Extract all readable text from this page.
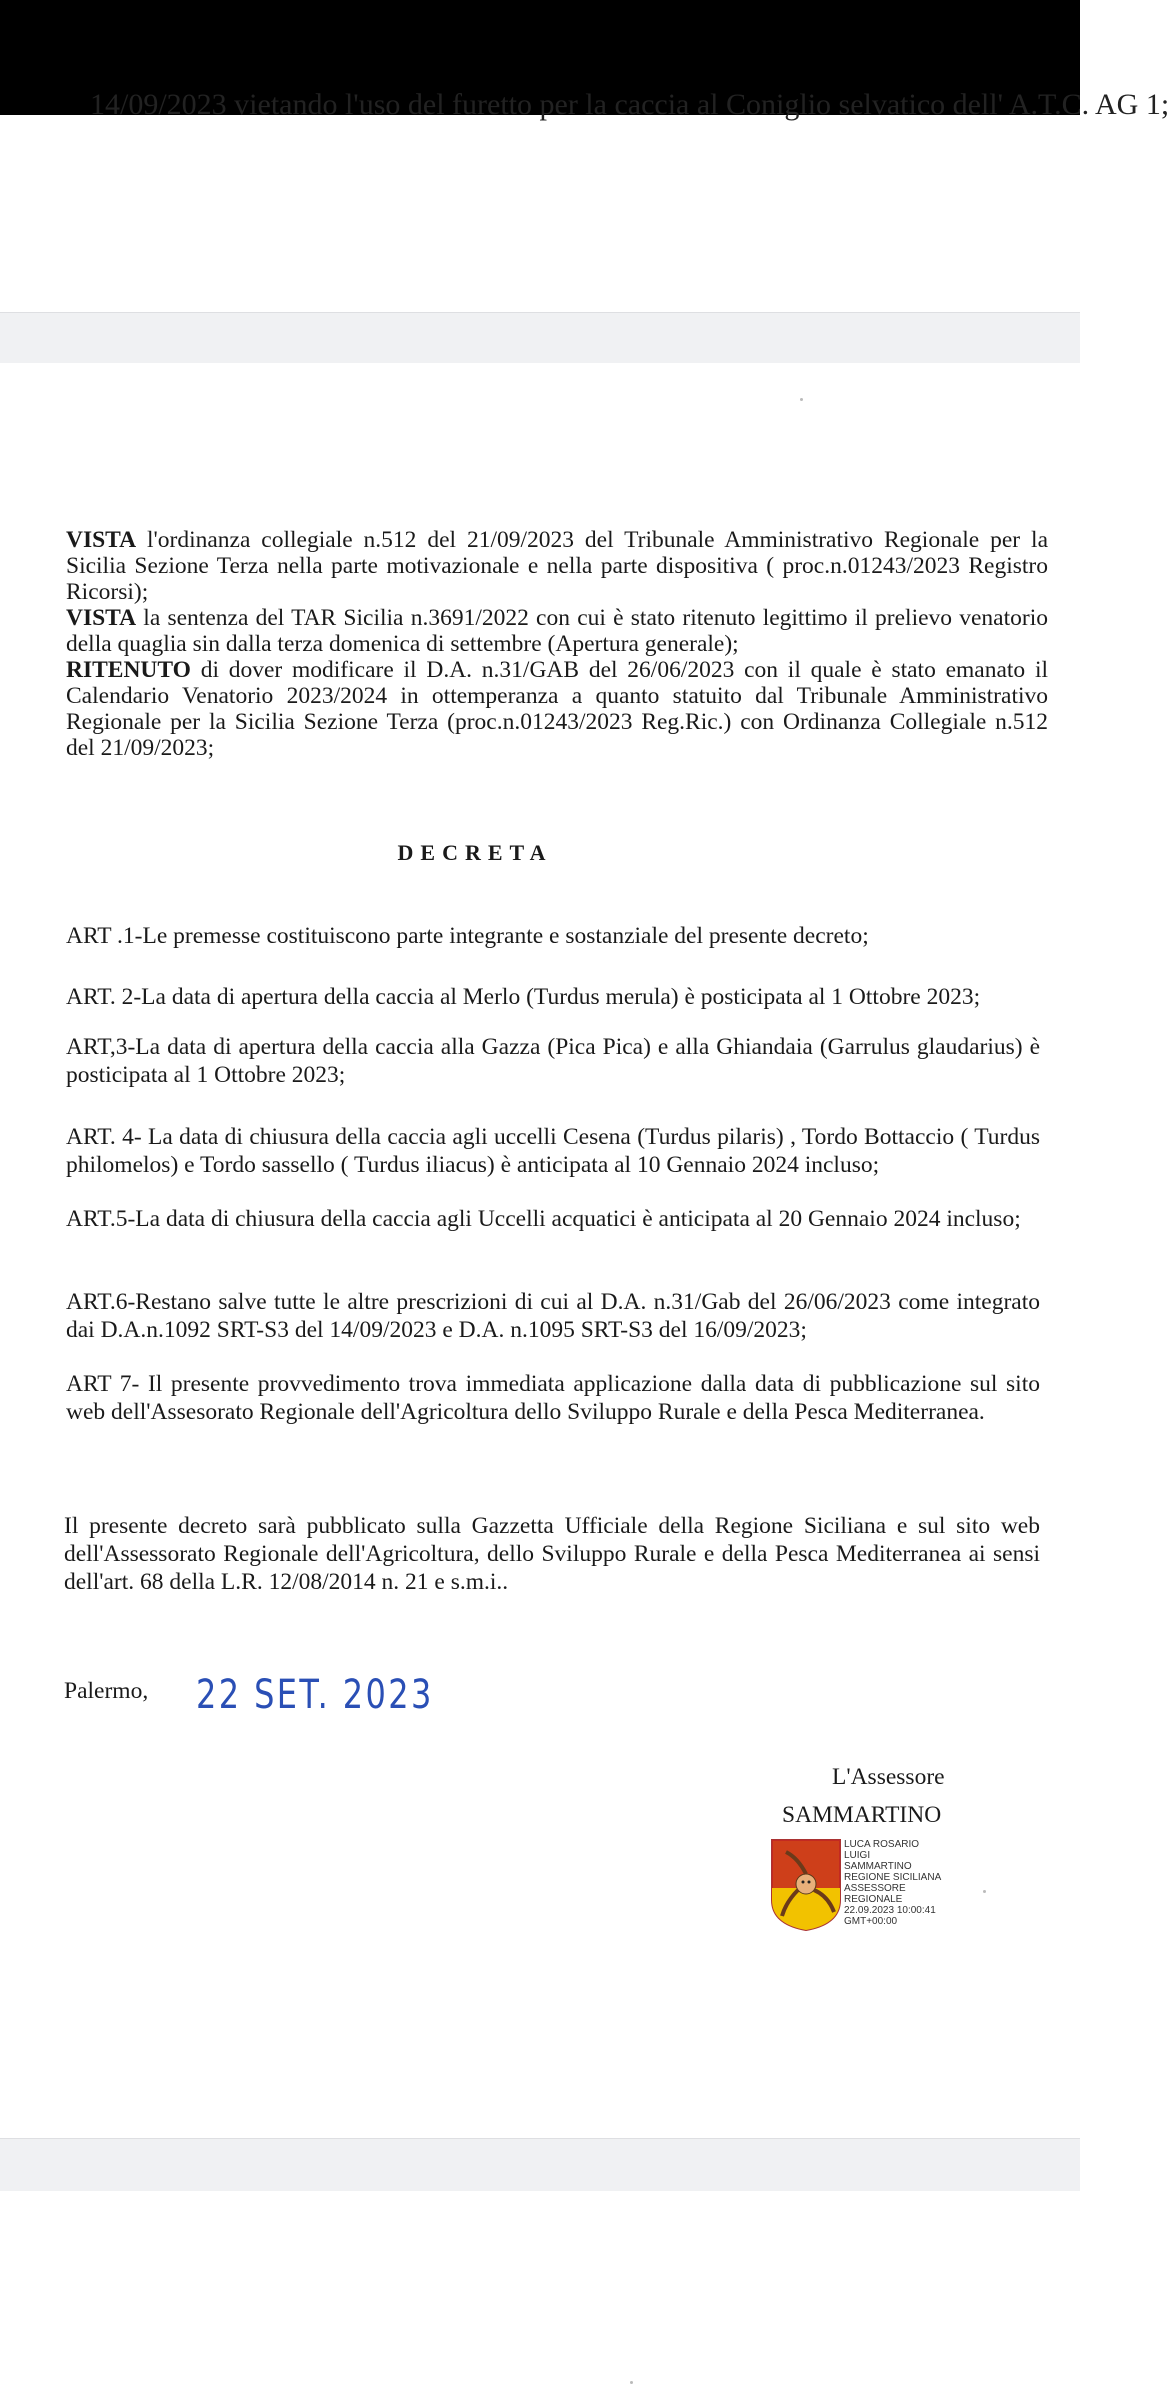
14/09/2023 vietando l'uso del furetto per la caccia al Coniglio selvatico dell' A.T.C. AG 1;

VISTA l'ordinanza collegiale n.512 del 21/09/2023 del Tribunale Amministrativo Regionale per la Sicilia Sezione Terza nella parte motivazionale e nella parte dispositiva ( proc.n.01243/2023 Registro Ricorsi);

VISTA la sentenza del TAR Sicilia n.3691/2022 con cui è stato ritenuto legittimo il prelievo venatorio della quaglia sin dalla terza domenica di settembre (Apertura generale);

RITENUTO di dover modificare il D.A. n.31/GAB del 26/06/2023 con il quale è stato emanato il Calendario Venatorio 2023/2024 in ottemperanza a quanto statuito dal Tribunale Amministrativo Regionale per la Sicilia Sezione Terza (proc.n.01243/2023 Reg.Ric.) con Ordinanza Collegiale n.512 del 21/09/2023;

DECRETA
ART .1-Le premesse costituiscono parte integrante e sostanziale del presente decreto;
ART. 2-La data di apertura della caccia al Merlo (Turdus merula) è posticipata al 1 Ottobre 2023;
ART,3-La data di apertura della caccia alla Gazza (Pica Pica) e alla Ghiandaia (Garrulus glaudarius) è posticipata al 1 Ottobre 2023;
ART. 4- La data di chiusura della caccia agli uccelli Cesena (Turdus pilaris) , Tordo Bottaccio ( Turdus philomelos) e Tordo sassello ( Turdus iliacus) è anticipata al 10 Gennaio 2024 incluso;
ART.5-La data di chiusura della caccia agli Uccelli acquatici è anticipata al 20 Gennaio 2024 incluso;
ART.6-Restano salve tutte le altre prescrizioni di cui al D.A. n.31/Gab del 26/06/2023 come integrato dai D.A.n.1092 SRT-S3 del 14/09/2023 e D.A. n.1095 SRT-S3 del 16/09/2023;
ART 7- Il presente provvedimento trova immediata applicazione dalla data di pubblicazione sul sito web dell'Assesorato Regionale dell'Agricoltura dello Sviluppo Rurale e della Pesca Mediterranea.
Il presente decreto sarà pubblicato sulla Gazzetta Ufficiale della Regione Siciliana e sul sito web dell'Assessorato Regionale dell'Agricoltura, dello Sviluppo Rurale e della Pesca Mediterranea ai sensi dell'art. 68 della L.R. 12/08/2014 n. 21 e s.m.i..
Palermo, 22 SET. 2023
L'Assessore
SAMMARTINO
LUCA ROSARIO
LUIGI
SAMMARTINO
REGIONE SICILIANA
ASSESSORE
REGIONALE
22.09.2023 10:00:41
GMT+00:00
